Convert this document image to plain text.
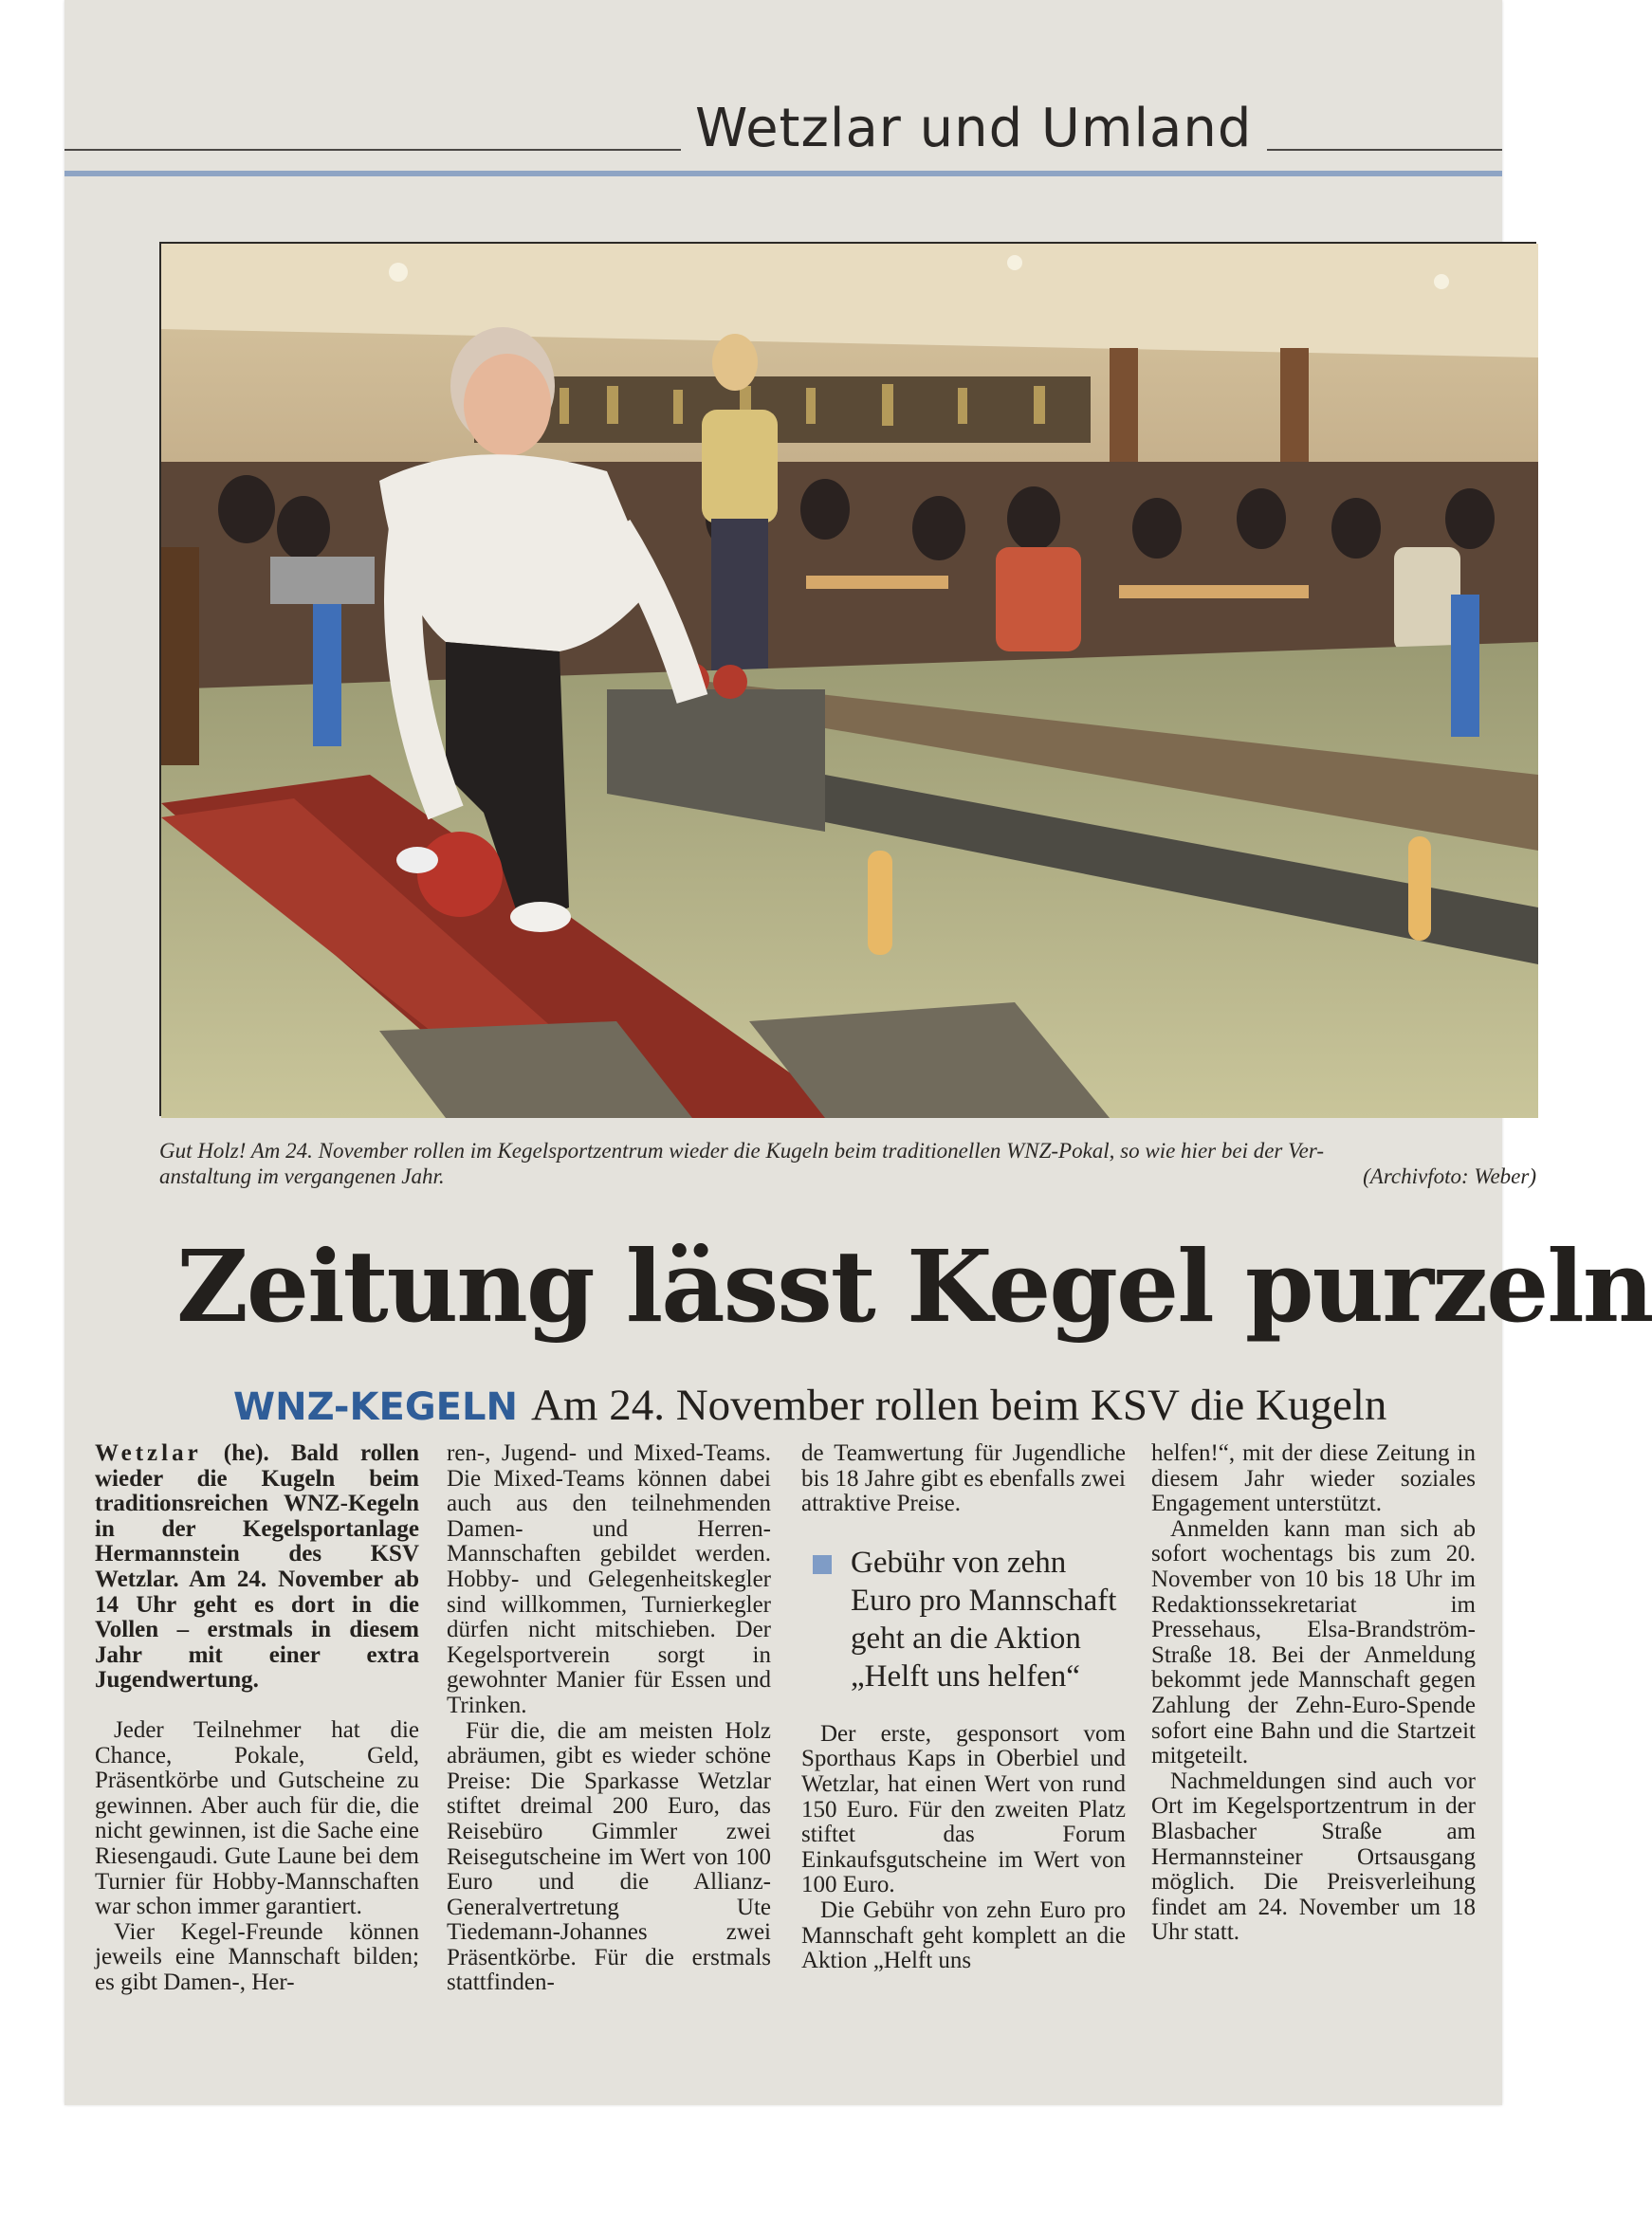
Wetzlar und Umland
Gut Holz! Am 24. November rollen im Kegelsportzentrum wieder die Kugeln beim traditionellen WNZ-Pokal, so wie hier bei der Ver-
anstaltung im vergangenen Jahr.	(Archivfoto: Weber)
Zeitung lässt Kegel purzeln
WNZ-KEGELN Am 24. November rollen beim KSV die Kugeln

Wetzlar (he). Bald rollen wieder die Kugeln beim traditionsreichen WNZ-Kegeln in der Kegelsportanlage Hermannstein des KSV Wetzlar. Am 24. November ab 14 Uhr geht es dort in die Vollen – erstmals in diesem Jahr mit einer extra Jugendwertung.

Jeder Teilnehmer hat die Chance, Pokale, Geld, Präsentkörbe und Gutscheine zu gewinnen. Aber auch für die, die nicht gewinnen, ist die Sache eine Riesengaudi. Gute Laune bei dem Turnier für Hobby-Mannschaften war schon immer garantiert.

Vier Kegel-Freunde können jeweils eine Mannschaft bilden; es gibt Damen-, Her-

ren-, Jugend- und Mixed-Teams. Die Mixed-Teams können dabei auch aus den teilnehmenden Damen- und Herren-Mannschaften gebildet werden. Hobby- und Gelegenheitskegler sind willkommen, Turnierkegler dürfen nicht mitschieben. Der Kegelsportverein sorgt in gewohnter Manier für Essen und Trinken.

Für die, die am meisten Holz abräumen, gibt es wieder schöne Preise: Die Sparkasse Wetzlar stiftet dreimal 200 Euro, das Reisebüro Gimmler zwei Reisegutscheine im Wert von 100 Euro und die Allianz-Generalvertretung Ute Tiedemann-Johannes zwei Präsentkörbe. Für die erstmals stattfinden-

de Teamwertung für Jugendliche bis 18 Jahre gibt es ebenfalls zwei attraktive Preise.

Gebühr von zehn Euro pro Mannschaft geht an die Aktion „Helft uns helfen“

Der erste, gesponsort vom Sporthaus Kaps in Oberbiel und Wetzlar, hat einen Wert von rund 150 Euro. Für den zweiten Platz stiftet das Forum Einkaufsgutscheine im Wert von 100 Euro.

Die Gebühr von zehn Euro pro Mannschaft geht komplett an die Aktion „Helft uns

helfen!“, mit der diese Zeitung in diesem Jahr wieder soziales Engagement unterstützt.

Anmelden kann man sich ab sofort wochentags bis zum 20. November von 10 bis 18 Uhr im Redaktionssekretariat im Pressehaus, Elsa-Brandström-Straße 18. Bei der Anmeldung bekommt jede Mannschaft gegen Zahlung der Zehn-Euro-Spende sofort eine Bahn und die Startzeit mitgeteilt.

Nachmeldungen sind auch vor Ort im Kegelsportzentrum in der Blasbacher Straße am Hermannsteiner Ortsausgang möglich. Die Preisverleihung findet am 24. November um 18 Uhr statt.
